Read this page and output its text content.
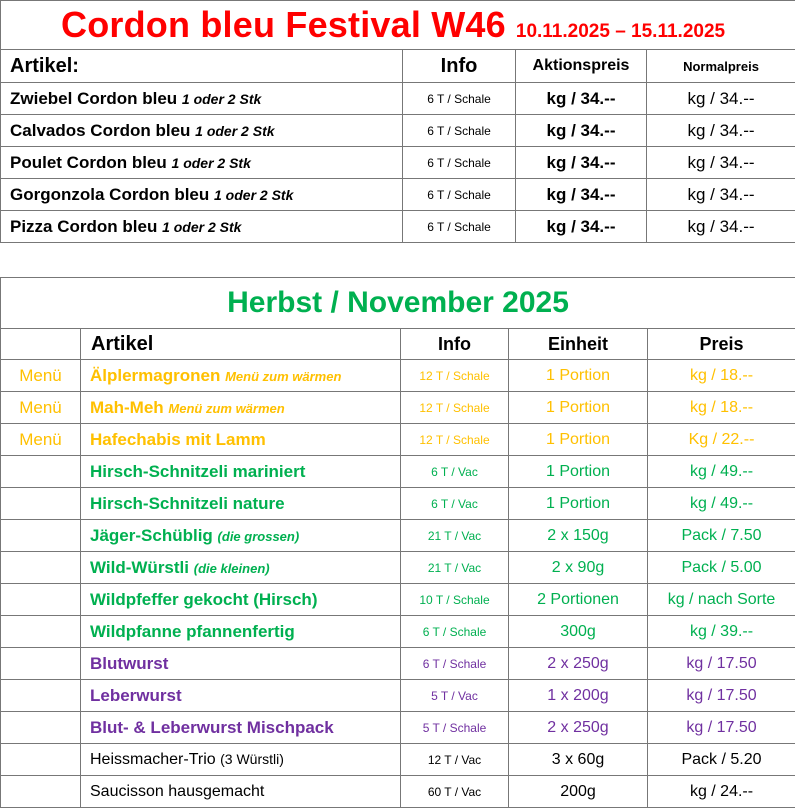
Cordon bleu Festival W46 10.11.2025 – 15.11.2025			
Artikel:	Info	Aktionspreis	Normalpreis
Zwiebel Cordon bleu 1 oder 2 Stk	6 T / Schale	kg / 34.--	kg / 34.--
Calvados Cordon bleu 1 oder 2 Stk	6 T / Schale	kg / 34.--	kg / 34.--
Poulet Cordon bleu 1 oder 2 Stk	6 T / Schale	kg / 34.--	kg / 34.--
Gorgonzola Cordon bleu 1 oder 2 Stk	6 T / Schale	kg / 34.--	kg / 34.--
Pizza Cordon bleu 1 oder 2 Stk	6 T / Schale	kg / 34.--	kg / 34.--
Herbst / November 2025				
	Artikel	Info	Einheit	Preis
Menü	Älplermagronen Menü zum wärmen	12 T / Schale	1 Portion	kg / 18.--
Menü	Mah-Meh Menü zum wärmen	12 T / Schale	1 Portion	kg / 18.--
Menü	Hafechabis mit Lamm	12 T / Schale	1 Portion	Kg / 22.--
	Hirsch-Schnitzeli mariniert	6 T / Vac	1 Portion	kg / 49.--
	Hirsch-Schnitzeli nature	6 T / Vac	1 Portion	kg / 49.--
	Jäger-Schüblig (die grossen)	21 T / Vac	2 x 150g	Pack / 7.50
	Wild-Würstli (die kleinen)	21 T / Vac	2 x 90g	Pack / 5.00
	Wildpfeffer gekocht (Hirsch)	10 T / Schale	2 Portionen	kg / nach Sorte
	Wildpfanne pfannenfertig	6 T / Schale	300g	kg / 39.--
	Blutwurst	6 T / Schale	2 x 250g	kg / 17.50
	Leberwurst	5 T / Vac	1 x 200g	kg / 17.50
	Blut- & Leberwurst Mischpack	5 T / Schale	2 x 250g	kg / 17.50
	Heissmacher-Trio (3 Würstli)	12 T / Vac	3 x 60g	Pack / 5.20
	Saucisson hausgemacht	60 T / Vac	200g	kg / 24.--
